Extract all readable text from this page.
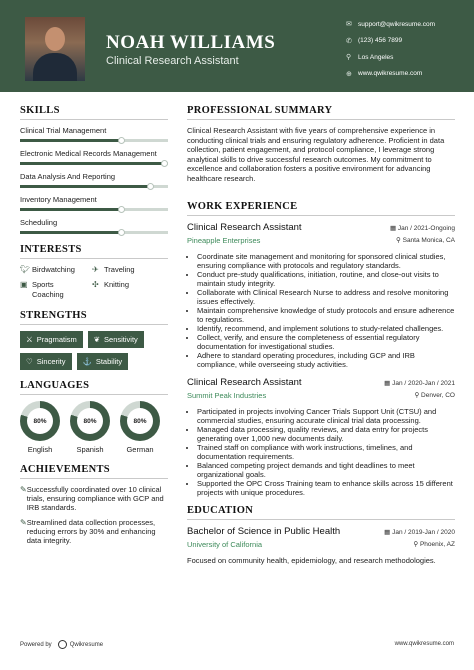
NOAH WILLIAMS
Clinical Research Assistant
✉ support@qwikresume.com
✆ (123) 456 7899
⚲	Los Angeles
⊕ www.qwikresume.com
SKILLS
Clinical Trial Management
Electronic Medical Records Management
Data Analysis And Reporting
Inventory Management
Scheduling
INTERESTS
🐦︎ Birdwatching ✈ Traveling
▣ Sports Coaching
✣ Knitting
STRENGTHS
⚔ Pragmatism ❦ Sensitivity
♡ Sincerity ⚓ Stability
LANGUAGES
80%
English
80%
Spanish
80%
German
ACHIEVEMENTS
✎ Successfully coordinated over 10 clinical trials, ensuring compliance with GCP and IRB standards.
✎ Streamlined data collection processes, reducing errors by 30% and enhancing data integrity.
PROFESSIONAL SUMMARY
Clinical Research Assistant with five years of comprehensive experience in conducting clinical trials and ensuring regulatory adherence. Proficient in data collection, patient engagement, and protocol compliance, I leverage strong analytical skills to drive successful research outcomes. My commitment to excellence and collaboration fosters a positive environment for advancing healthcare research.
WORK EXPERIENCE
Clinical Research Assistant	▦ Jan / 2021-Ongoing
Pineapple Enterprises	⚲ Santa Monica, CA
• Coordinate site management and monitoring for sponsored clinical studies, ensuring compliance with protocols and regulatory standards.
• Conduct pre-study qualifications, initiation, routine, and close-out visits to maintain study integrity.
• Collaborate with Clinical Research Nurse to address and resolve monitoring issues effectively.
• Maintain comprehensive knowledge of study protocols and ensure adherence to regulations.
• Identify, recommend, and implement solutions to study-related challenges.
• Collect, verify, and ensure the completeness of essential regulatory documentation for investigational studies.
• Adhere to standard operating procedures, including GCP and IRB compliance, while overseeing study activities.
Clinical Research Assistant	▦ Jan / 2020-Jan / 2021
Summit Peak Industries	⚲ Denver, CO
• Participated in projects involving Cancer Trials Support Unit (CTSU) and commercial studies, ensuring accurate clinical trial data processing.
• Managed data processing, quality reviews, and data entry for projects generating over 1,000 new documents daily.
• Trained staff on compliance with work instructions, timelines, and documentation requirements.
• Balanced competing project demands and tight deadlines to meet organizational goals.
• Supported the OPC Cross Training team to enhance skills across 15 different projects with unique procedures.
EDUCATION
Bachelor of Science in Public Health	▦ Jan / 2019-Jan / 2020
University of California	⚲ Phoenix, AZ
Focused on community health, epidemiology, and research methodologies.
Powered by	Qwikresume	www.qwikresume.com
